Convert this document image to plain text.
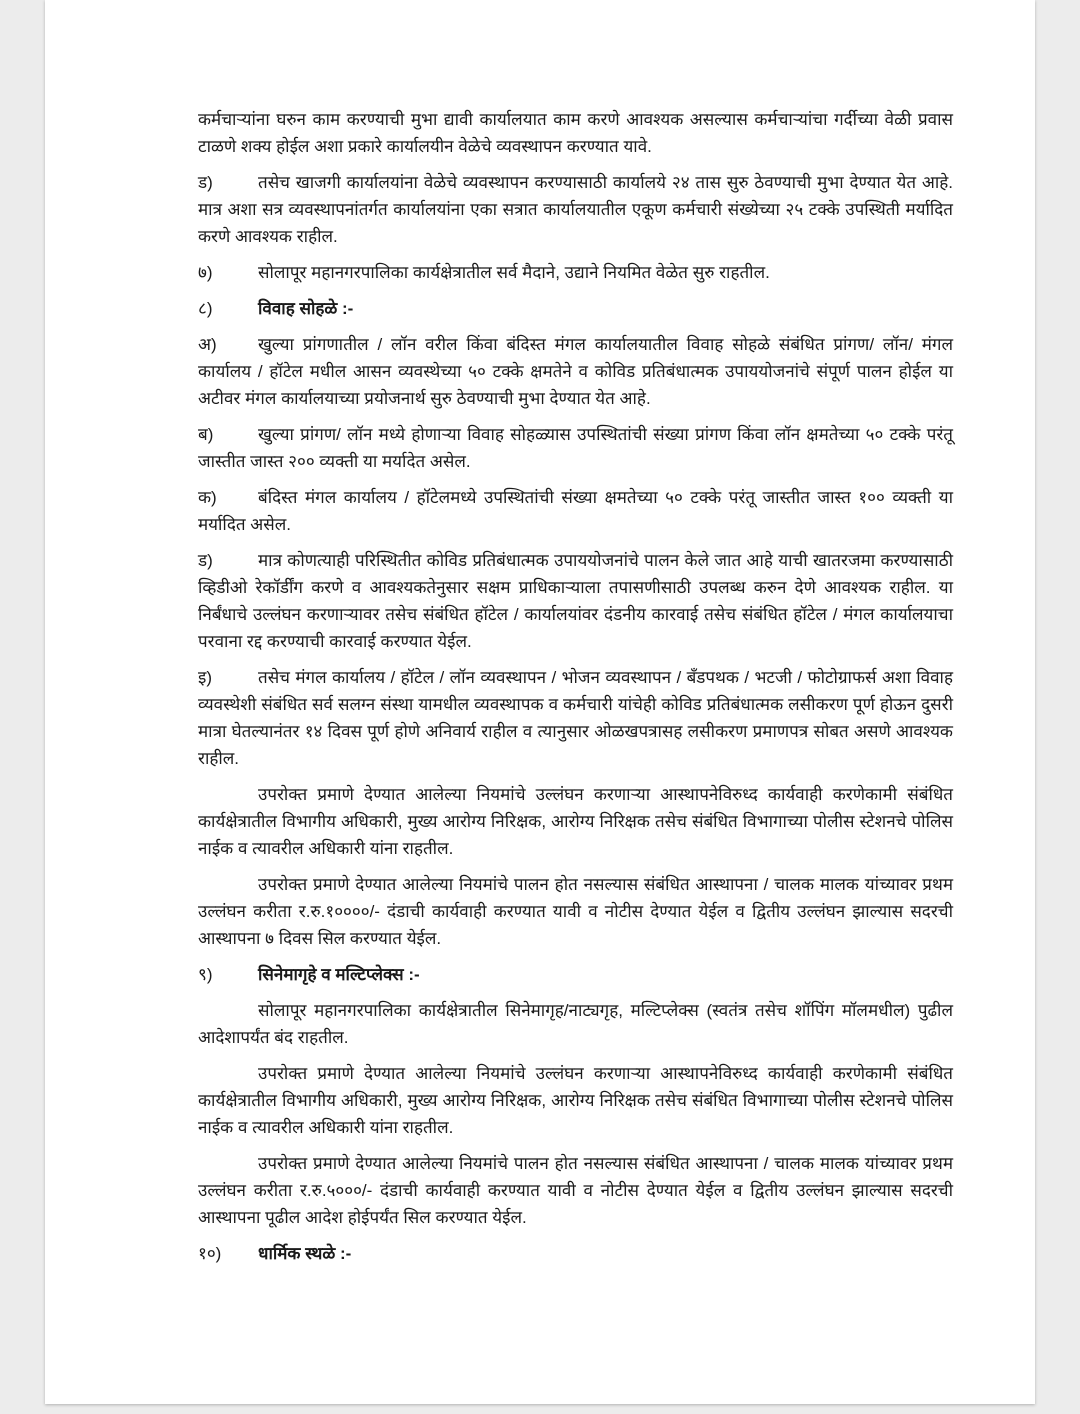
कर्मचाऱ्यांना घरुन काम करण्याची मुभा द्यावी कार्यालयात काम करणे आवश्यक असल्यास कर्मचाऱ्यांचा गर्दीच्या वेळी प्रवास टाळणे शक्य होईल अशा प्रकारे कार्यालयीन वेळेचे व्यवस्थापन करण्यात यावे.

ड)	तसेच खाजगी कार्यालयांना वेळेचे व्यवस्थापन करण्यासाठी कार्यालये २४ तास सुरु ठेवण्याची मुभा देण्यात येत आहे. मात्र अशा सत्र व्यवस्थापनांतर्गत कार्यालयांना एका सत्रात कार्यालयातील एकूण कर्मचारी संख्येच्या २५ टक्के उपस्थिती मर्यादित करणे आवश्यक राहील.

७)	सोलापूर महानगरपालिका कार्यक्षेत्रातील सर्व मैदाने, उद्याने नियमित वेळेत सुरु राहतील.

८)	विवाह सोहळे :-

अ) खुल्या प्रांगणातील / लॉन वरील किंवा बंदिस्त मंगल कार्यालयातील विवाह सोहळे संबंधित प्रांगण/ लॉन/ मंगल कार्यालय / हॉटेल मधील आसन व्यवस्थेच्या ५० टक्के क्षमतेने व कोविड प्रतिबंधात्मक उपाययोजनांचे संपूर्ण पालन होईल या अटीवर मंगल कार्यालयाच्या प्रयोजनार्थ सुरु ठेवण्याची मुभा देण्यात येत आहे.

ब)	खुल्या प्रांगण/ लॉन मध्ये होणाऱ्या विवाह सोहळ्यास उपस्थितांची संख्या प्रांगण किंवा लॉन क्षमतेच्या ५० टक्के परंतू जास्तीत जास्त २०० व्यक्ती या मर्यादेत असेल.

क) बंदिस्त मंगल कार्यालय / हॉटेलमध्ये उपस्थितांची संख्या क्षमतेच्या ५० टक्के परंतू जास्तीत जास्त १०० व्यक्ती या मर्यादित असेल.

ड)	मात्र कोणत्याही परिस्थितीत कोविड प्रतिबंधात्मक उपाययोजनांचे पालन केले जात आहे याची खातरजमा करण्यासाठी व्हिडीओ रेकॉर्डींग करणे व आवश्यकतेनुसार सक्षम प्राधिकाऱ्याला तपासणीसाठी उपलब्ध करुन देणे आवश्यक राहील. या निर्बंधाचे उल्लंघन करणाऱ्यावर तसेच संबंधित हॉटेल / कार्यालयांवर दंडनीय कारवाई तसेच संबंधित हॉटेल / मंगल कार्यालयाचा परवाना रद्द करण्याची कारवाई करण्यात येईल.

इ)	तसेच मंगल कार्यालय / हॉटेल / लॉन व्यवस्थापन / भोजन व्यवस्थापन / बँडपथक / भटजी / फोटोग्राफर्स अशा विवाह व्यवस्थेशी संबंधित सर्व सलग्न संस्था यामधील व्यवस्थापक व कर्मचारी यांचेही कोविड प्रतिबंधात्मक लसीकरण पूर्ण होऊन दुसरी मात्रा घेतल्यानंतर १४ दिवस पूर्ण होणे अनिवार्य राहील व त्यानुसार ओळखपत्रासह लसीकरण प्रमाणपत्र सोबत असणे आवश्यक राहील.

उपरोक्त प्रमाणे देण्यात आलेल्या नियमांचे उल्लंघन करणाऱ्या आस्थापनेविरुध्द कार्यवाही करणेकामी संबंधित कार्यक्षेत्रातील विभागीय अधिकारी, मुख्य आरोग्य निरिक्षक, आरोग्य निरिक्षक तसेच संबंधित विभागाच्या पोलीस स्टेशनचे पोलिस नाईक व त्यावरील अधिकारी यांना राहतील.

उपरोक्त प्रमाणे देण्यात आलेल्या नियमांचे पालन होत नसल्यास संबंधित आस्थापना / चालक मालक यांच्यावर प्रथम उल्लंघन करीता र.रु.१००००/- दंडाची कार्यवाही करण्यात यावी व नोटीस देण्यात येईल व द्वितीय उल्लंघन झाल्यास सदरची आस्थापना ७ दिवस सिल करण्यात येईल.

९)	सिनेमागृहे व मल्टिप्लेक्स :-

सोलापूर महानगरपालिका कार्यक्षेत्रातील सिनेमागृह/नाट्यगृह, मल्टिप्लेक्स (स्वतंत्र तसेच शॉपिंग मॉलमधील) पुढील आदेशापर्यंत बंद राहतील.

उपरोक्त प्रमाणे देण्यात आलेल्या नियमांचे उल्लंघन करणाऱ्या आस्थापनेविरुध्द कार्यवाही करणेकामी संबंधित कार्यक्षेत्रातील विभागीय अधिकारी, मुख्य आरोग्य निरिक्षक, आरोग्य निरिक्षक तसेच संबंधित विभागाच्या पोलीस स्टेशनचे पोलिस नाईक व त्यावरील अधिकारी यांना राहतील.

उपरोक्त प्रमाणे देण्यात आलेल्या नियमांचे पालन होत नसल्यास संबंधित आस्थापना / चालक मालक यांच्यावर प्रथम उल्लंघन करीता र.रु.५०००/- दंडाची कार्यवाही करण्यात यावी व नोटीस देण्यात येईल व द्वितीय उल्लंघन झाल्यास सदरची आस्थापना पूढील आदेश होईपर्यंत सिल करण्यात येईल.

१०) धार्मिक स्थळे :-
